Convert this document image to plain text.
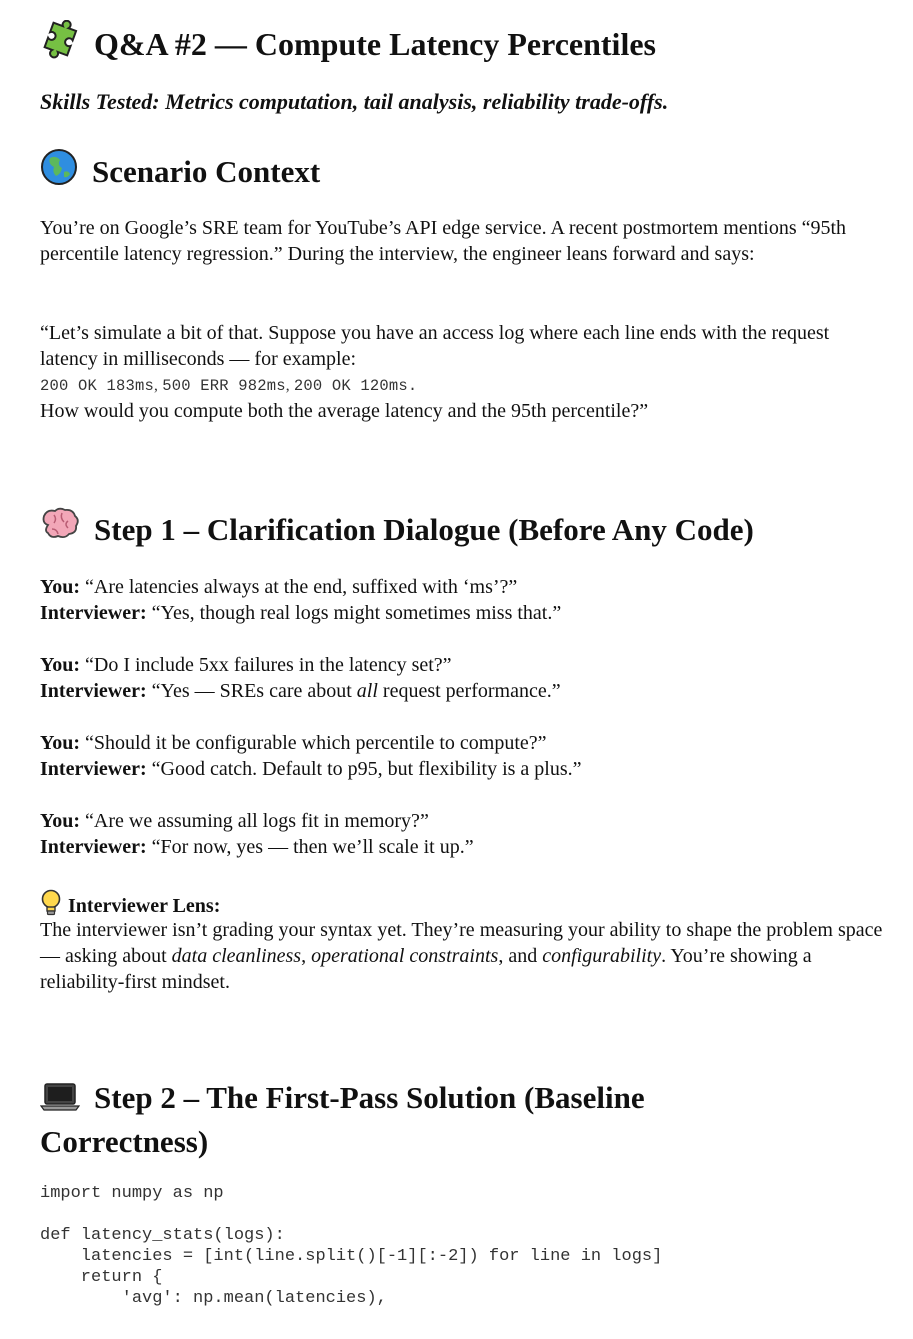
Q&A #2 — Compute Latency Percentiles
Skills Tested: Metrics computation, tail analysis, reliability trade-offs.
Scenario Context

You’re on Google’s SRE team for YouTube’s API edge service. A recent postmortem mentions “95th percentile latency regression.” During the interview, the engineer leans forward and says:

“Let’s simulate a bit of that. Suppose you have an access log where each line ends with the request latency in milliseconds — for example:

200 OK 183ms, 500 ERR 982ms, 200 OK 120ms.

How would you compute both the average latency and the 95th percentile?”

Step 1 – Clarification Dialogue (Before Any Code)
You: “Are latencies always at the end, suffixed with ‘ms’?”
Interviewer: “Yes, though real logs might sometimes miss that.”
You: “Do I include 5xx failures in the latency set?”
Interviewer: “Yes — SREs care about all request performance.”
You: “Should it be configurable which percentile to compute?”
Interviewer: “Good catch. Default to p95, but flexibility is a plus.”
You: “Are we assuming all logs fit in memory?”
Interviewer: “For now, yes — then we’ll scale it up.”
Interviewer Lens:

The interviewer isn’t grading your syntax yet. They’re measuring your ability to shape the problem space — asking about data cleanliness, operational constraints, and configurability. You’re showing a reliability-first mindset.

Step 2 – The First-Pass Solution (Baseline Correctness)
import numpy as np

def latency_stats(logs):
latencies = [int(line.split()[-1][:-2]) for line in logs]
return {
'avg': np.mean(latencies),
